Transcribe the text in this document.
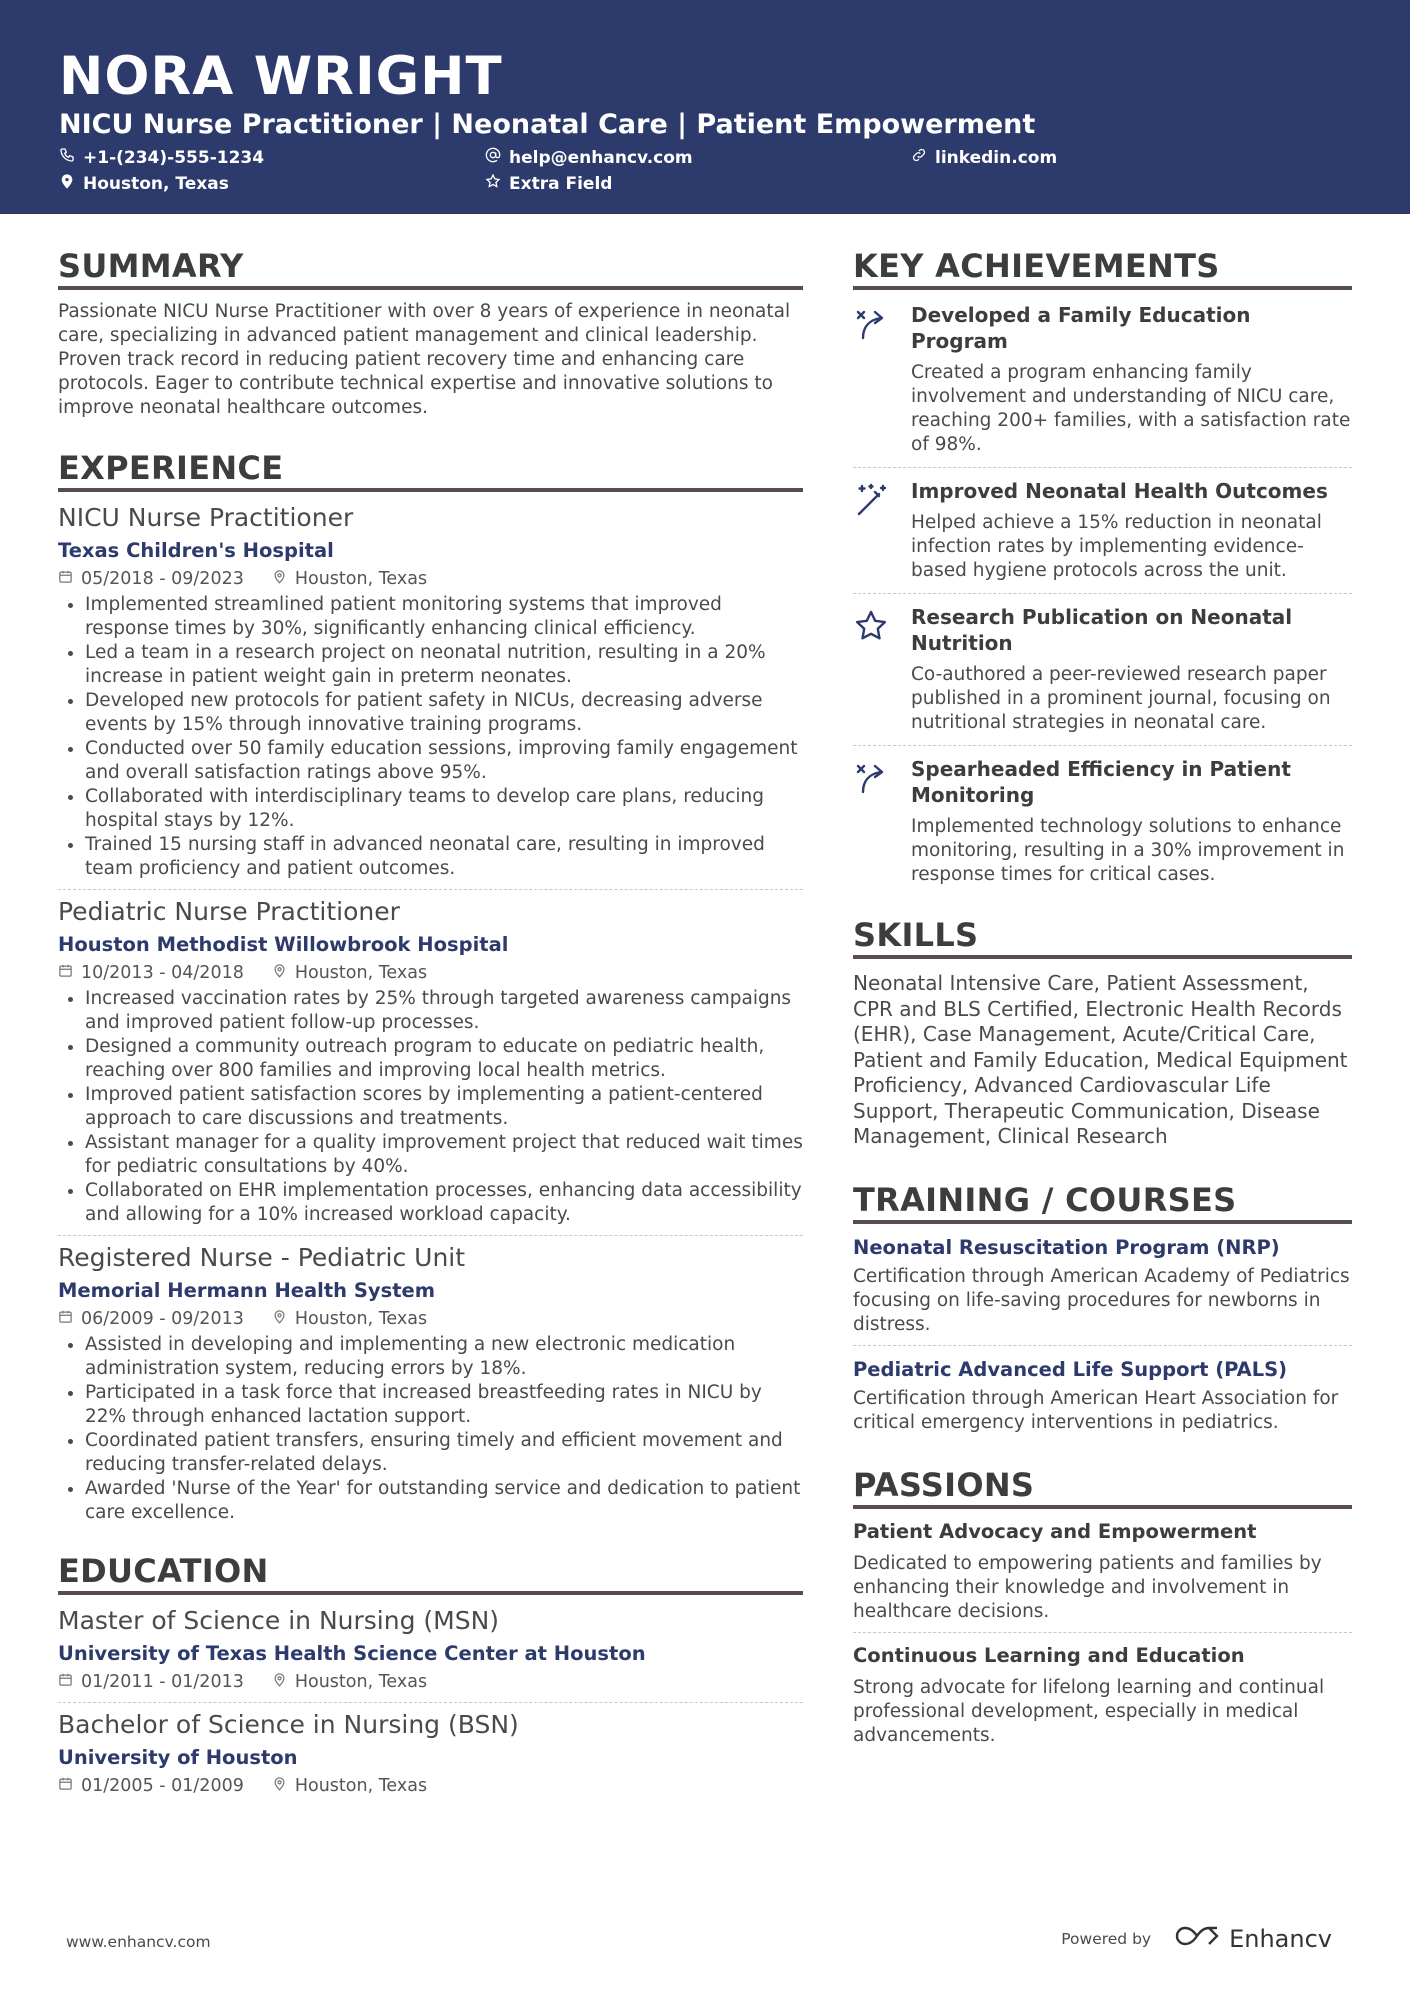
NORA WRIGHT
NICU Nurse Practitioner | Neonatal Care | Patient Empowerment
+1-(234)-555-1234	help@enhancv.com	linkedin.com
Houston, Texas	Extra Field
SUMMARY

Passionate NICU Nurse Practitioner with over 8 years of experience in neonatal care, specializing in advanced patient management and clinical leadership. Proven track record in reducing patient recovery time and enhancing care protocols. Eager to contribute technical expertise and innovative solutions to improve neonatal healthcare outcomes.

EXPERIENCE
NICU Nurse Practitioner
Texas Children's Hospital
05/2018 - 09/2023	Houston, Texas
• Implemented streamlined patient monitoring systems that improved response times by 30%, significantly enhancing clinical efficiency.
• Led a team in a research project on neonatal nutrition, resulting in a 20% increase in patient weight gain in preterm neonates.
• Developed new protocols for patient safety in NICUs, decreasing adverse events by 15% through innovative training programs.
• Conducted over 50 family education sessions, improving family engagement and overall satisfaction ratings above 95%.
• Collaborated with interdisciplinary teams to develop care plans, reducing hospital stays by 12%.
• Trained 15 nursing staff in advanced neonatal care, resulting in improved team proficiency and patient outcomes.
Pediatric Nurse Practitioner
Houston Methodist Willowbrook Hospital
10/2013 - 04/2018	Houston, Texas
• Increased vaccination rates by 25% through targeted awareness campaigns and improved patient follow-up processes.
• Designed a community outreach program to educate on pediatric health, reaching over 800 families and improving local health metrics.
• Improved patient satisfaction scores by implementing a patient-centered approach to care discussions and treatments.
• Assistant manager for a quality improvement project that reduced wait times for pediatric consultations by 40%.
• Collaborated on EHR implementation processes, enhancing data accessibility and allowing for a 10% increased workload capacity.
Registered Nurse - Pediatric Unit
Memorial Hermann Health System
06/2009 - 09/2013	Houston, Texas
• Assisted in developing and implementing a new electronic medication administration system, reducing errors by 18%.
• Participated in a task force that increased breastfeeding rates in NICU by 22% through enhanced lactation support.
• Coordinated patient transfers, ensuring timely and efficient movement and reducing transfer-related delays.
• Awarded 'Nurse of the Year' for outstanding service and dedication to patient care excellence.
EDUCATION
Master of Science in Nursing (MSN)
University of Texas Health Science Center at Houston
01/2011 - 01/2013	Houston, Texas
Bachelor of Science in Nursing (BSN)
University of Houston
01/2005 - 01/2009	Houston, Texas
KEY ACHIEVEMENTS
Developed a Family Education Program

Created a program enhancing family involvement and understanding of NICU care, reaching 200+ families, with a satisfaction rate of 98%.

Improved Neonatal Health Outcomes

Helped achieve a 15% reduction in neonatal infection rates by implementing evidence-based hygiene protocols across the unit.

Research Publication on Neonatal Nutrition

Co-authored a peer-reviewed research paper published in a prominent journal, focusing on nutritional strategies in neonatal care.

Spearheaded Efficiency in Patient Monitoring

Implemented technology solutions to enhance monitoring, resulting in a 30% improvement in response times for critical cases.

SKILLS

Neonatal Intensive Care, Patient Assessment, CPR and BLS Certified, Electronic Health Records (EHR), Case Management, Acute/Critical Care, Patient and Family Education, Medical Equipment Proficiency, Advanced Cardiovascular Life Support, Therapeutic Communication, Disease Management, Clinical Research

TRAINING / COURSES
Neonatal Resuscitation Program (NRP)

Certification through American Academy of Pediatrics focusing on life-saving procedures for newborns in distress.

Pediatric Advanced Life Support (PALS)

Certification through American Heart Association for critical emergency interventions in pediatrics.

PASSIONS
Patient Advocacy and Empowerment

Dedicated to empowering patients and families by enhancing their knowledge and involvement in healthcare decisions.

Continuous Learning and Education

Strong advocate for lifelong learning and continual professional development, especially in medical advancements.

www.enhancv.com	Powered by	Enhancv
